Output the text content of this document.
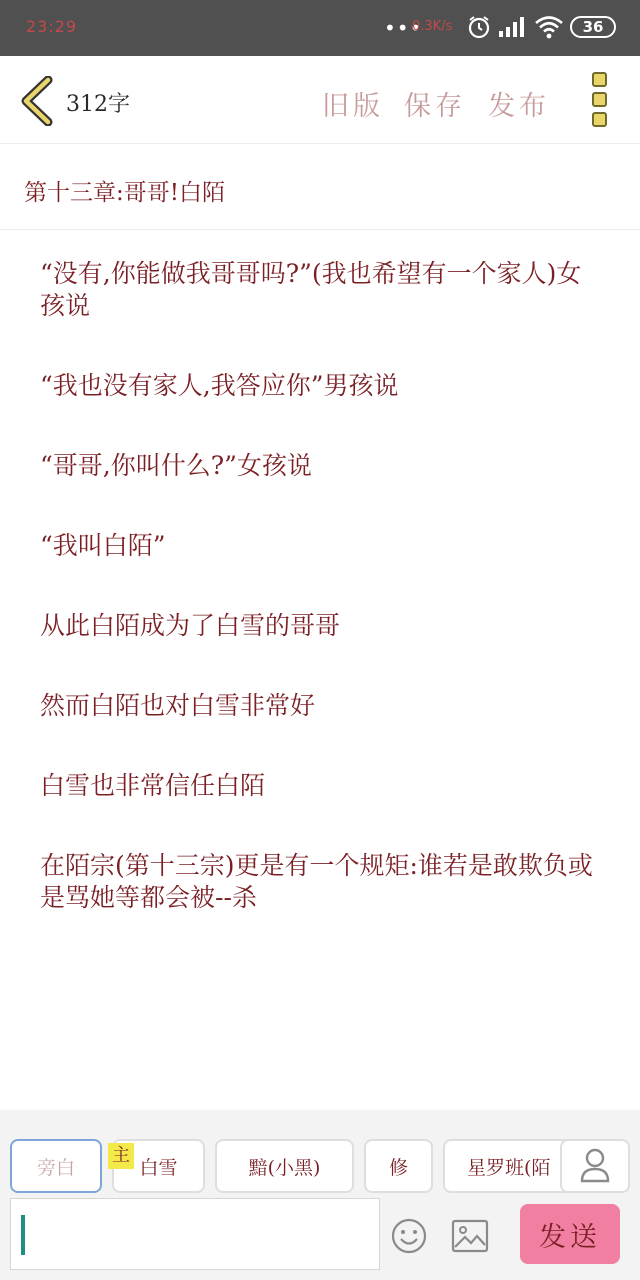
23:29	•••
0.3K/s	36
312字	旧版 保存 发布
第十三章:哥哥!白陌

“没有,你能做我哥哥吗?”(我也希望有一个家人)女孩说

“我也没有家人,我答应你”男孩说

“哥哥,你叫什么?”女孩说

“我叫白陌”

从此白陌成为了白雪的哥哥

然而白陌也对白雪非常好

白雪也非常信任白陌

在陌宗(第十三宗)更是有一个规矩:谁若是敢欺负或是骂她等都会被--杀

旁白	白雪
主
黯(小黑)	修	星罗班(陌
发送
